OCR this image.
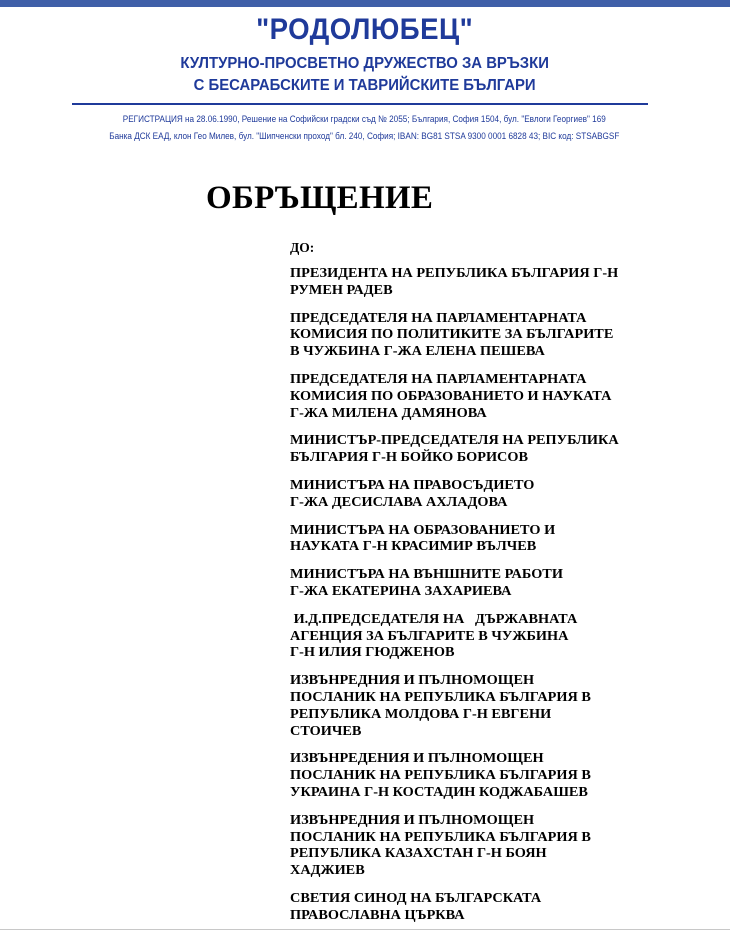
"РОДОЛЮБЕЦ"
КУЛТУРНО-ПРОСВЕТНО ДРУЖЕСТВО ЗА ВРЪЗКИ
С БЕСАРАБСКИТЕ И ТАВРИЙСКИТЕ БЪЛГАРИ
РЕГИСТРАЦИЯ на 28.06.1990, Решение на Софийски градски съд № 2055; България, София 1504, бул. "Евлоги Георгиев" 169
Банка ДСК ЕАД, клон Гео Милев, бул. "Шипченски проход" бл. 240, София; IBAN: BG81 STSA 9300 0001 6828 43; BIC код: STSABGSF
ОБРЪЩЕНИЕ
ДО:
ПРЕЗИДЕНТА НА РЕПУБЛИКА БЪЛГАРИЯ Г-Н
РУМЕН РАДЕВ
ПРЕДСЕДАТЕЛЯ НА ПАРЛАМЕНТАРНАТА
КОМИСИЯ ПО ПОЛИТИКИТЕ ЗА БЪЛГАРИТЕ
В ЧУЖБИНА Г-ЖА ЕЛЕНА ПЕШЕВА
ПРЕДСЕДАТЕЛЯ НА ПАРЛАМЕНТАРНАТА
КОМИСИЯ ПО ОБРАЗОВАНИЕТО И НАУКАТА
Г-ЖА МИЛЕНА ДАМЯНОВА
МИНИСТЪР-ПРЕДСЕДАТЕЛЯ НА РЕПУБЛИКА
БЪЛГАРИЯ Г-Н БОЙКО БОРИСОВ
МИНИСТЪРА НА ПРАВОСЪДИЕТО
Г-ЖА ДЕСИСЛАВА АХЛАДОВА
МИНИСТЪРА НА ОБРАЗОВАНИЕТО И
НАУКАТА Г-Н КРАСИМИР ВЪЛЧЕВ
МИНИСТЪРА НА ВЪНШНИТЕ РАБОТИ
Г-ЖА ЕКАТЕРИНА ЗАХАРИЕВА
И.Д.ПРЕДСЕДАТЕЛЯ НА   ДЪРЖАВНАТА
АГЕНЦИЯ ЗА БЪЛГАРИТЕ В ЧУЖБИНА
Г-Н ИЛИЯ ГЮДЖЕНОВ
ИЗВЪНРЕДНИЯ И ПЪЛНОМОЩЕН
ПОСЛАНИК НА РЕПУБЛИКА БЪЛГАРИЯ В
РЕПУБЛИКА МОЛДОВА Г-Н ЕВГЕНИ
СТОИЧЕВ
ИЗВЪНРЕДЕНИЯ И ПЪЛНОМОЩЕН
ПОСЛАНИК НА РЕПУБЛИКА БЪЛГАРИЯ В
УКРАИНА Г-Н КОСТАДИН КОДЖАБАШЕВ
ИЗВЪНРЕДНИЯ И ПЪЛНОМОЩЕН
ПОСЛАНИК НА РЕПУБЛИКА БЪЛГАРИЯ В
РЕПУБЛИКА КАЗАХСТАН Г-Н БОЯН
ХАДЖИЕВ
СВЕТИЯ СИНОД НА БЪЛГАРСКАТА
ПРАВОСЛАВНА ЦЪРКВА
